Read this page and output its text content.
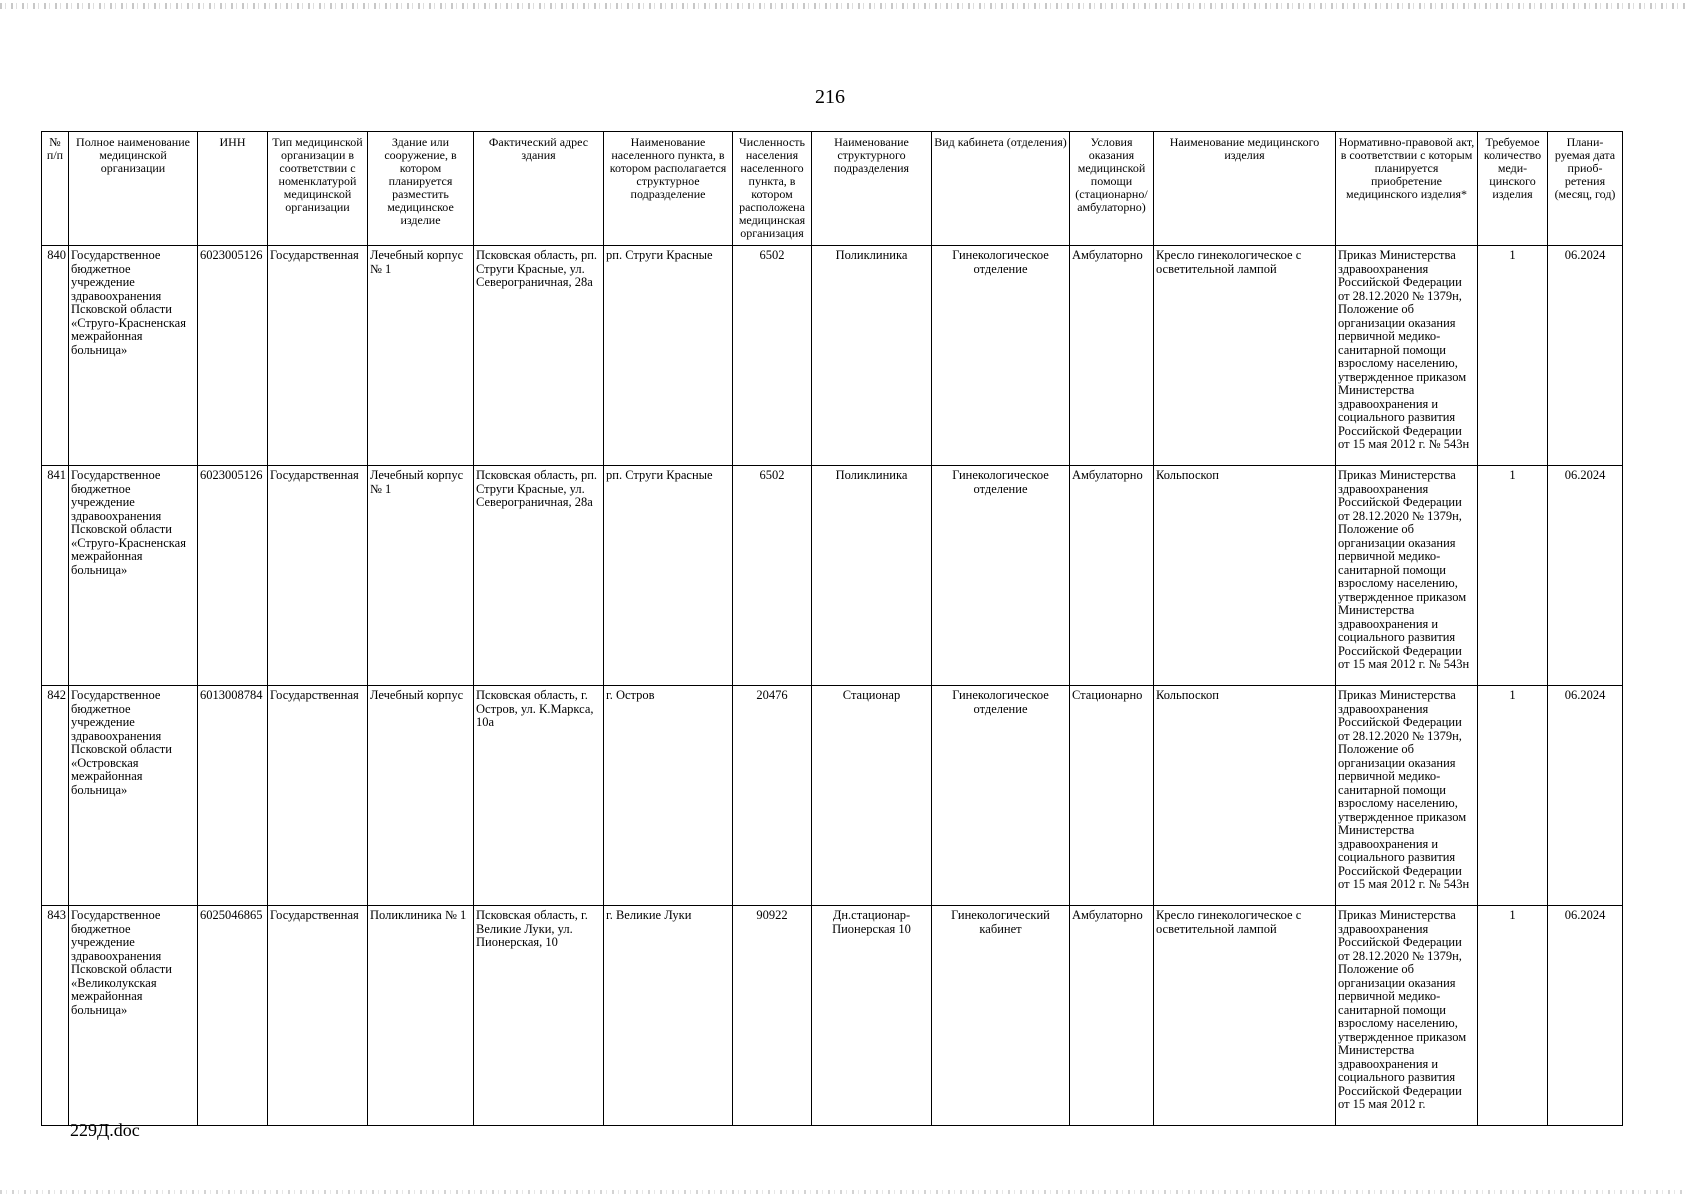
216
№ п/п	Полное наименование медицинской организации	ИНН	Тип медицинской организации в соответствии с номенклатурой медицинской организации	Здание или сооружение, в котором планируется разместить медицинское изделие	Фактический адрес здания	Наименование населенного пункта, в котором располагается структурное подразделение	Численность населения населенного пункта, в котором расположена медицинская организация	Наименование структурного подразделения	Вид кабинета (отделения)	Условия оказания медицинской помощи (стационарно/ амбулаторно)	Наименование медицинского изделия	Нормативно-правовой акт, в соответствии с которым планируется приобретение медицинского изделия*	Требуемое количество меди- цинского изделия	Плани- руемая дата приоб- ретения (месяц, год)
840	Государственное бюджетное учреждение здравоохранения Псковской области «Струго-Красненская межрайонная больница»	6023005126	Государственная	Лечебный корпус № 1	Псковская область, рп. Струги Красные, ул. Северограничная, 28а	рп. Струги Красные	6502	Поликлиника	Гинекологическое отделение	Амбулаторно	Кресло гинекологическое с осветительной лампой	Приказ Министерства здравоохранения Российской Федерации от 28.12.2020 № 1379н, Положение об организации оказания первичной медико-санитарной помощи взрослому населению, утвержденное приказом Министерства здравоохранения и социального развития Российской Федерации от 15 мая 2012 г. № 543н	1	06.2024
841	Государственное бюджетное учреждение здравоохранения Псковской области «Струго-Красненская межрайонная больница»	6023005126	Государственная	Лечебный корпус № 1	Псковская область, рп. Струги Красные, ул. Северограничная, 28а	рп. Струги Красные	6502	Поликлиника	Гинекологическое отделение	Амбулаторно	Кольпоскоп	Приказ Министерства здравоохранения Российской Федерации от 28.12.2020 № 1379н, Положение об организации оказания первичной медико-санитарной помощи взрослому населению, утвержденное приказом Министерства здравоохранения и социального развития Российской Федерации от 15 мая 2012 г. № 543н	1	06.2024
842	Государственное бюджетное учреждение здравоохранения Псковской области «Островская межрайонная больница»	6013008784	Государственная	Лечебный корпус	Псковская область, г. Остров, ул. К.Маркса, 10а	г. Остров	20476	Стационар	Гинекологическое отделение	Стационарно	Кольпоскоп	Приказ Министерства здравоохранения Российской Федерации от 28.12.2020 № 1379н, Положение об организации оказания первичной медико-санитарной помощи взрослому населению, утвержденное приказом Министерства здравоохранения и социального развития Российской Федерации от 15 мая 2012 г. № 543н	1	06.2024
843	Государственное бюджетное учреждение здравоохранения Псковской области «Великолукская межрайонная больница»	6025046865	Государственная	Поликлиника № 1	Псковская область, г. Великие Луки, ул. Пионерская, 10	г. Великие Луки	90922	Дн.стационар-Пионерская 10	Гинекологический кабинет	Амбулаторно	Кресло гинекологическое с осветительной лампой	Приказ Министерства здравоохранения Российской Федерации от 28.12.2020 № 1379н, Положение об организации оказания первичной медико-санитарной помощи взрослому населению, утвержденное приказом Министерства здравоохранения и социального развития Российской Федерации от 15 мая 2012 г.	1	06.2024
229Д.doc
